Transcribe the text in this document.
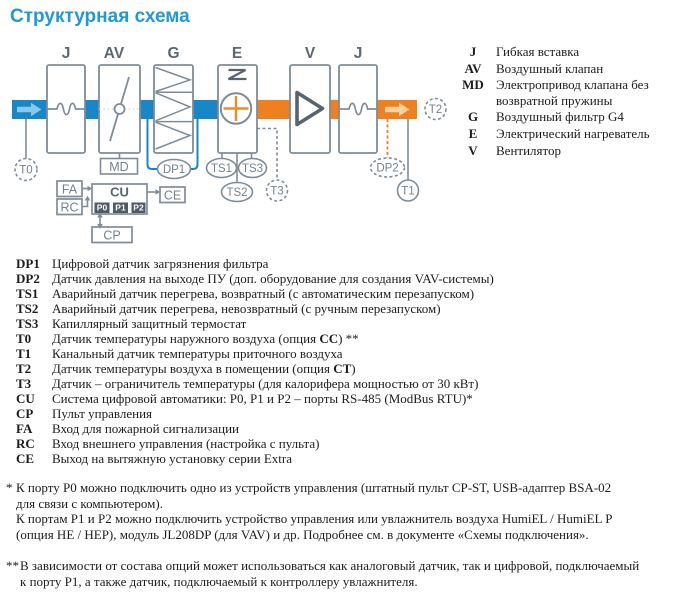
Структурная схема
J AV	G	E	V J
T0	DP1 TS1 TS3
TS2 T3
DP2
T1
T2
MD
FA
RC
CE
CP
CU
P0 P1 P2
J	Гибкая вставка
AV	Воздушный клапан
MD Электропривод клапана без возвратной пружины
G	Воздушный фильтр G4
E	Электрический нагреватель
V	Вентилятор
DP1 Цифровой датчик загрязнения фильтра
DP2 Датчик давления на выходе ПУ (доп. оборудование для создания VAV-системы)
TS1	Аварийный датчик перегрева, возвратный (с автоматическим перезапуском)
TS2	Аварийный датчик перегрева, невозвратный (с ручным перезапуском)
TS3	Капиллярный защитный термостат
T0	Датчик температуры наружного воздуха (опция CC) **
T1	Канальный датчик температуры приточного воздуха
T2	Датчик температуры воздуха в помещении (опция CT)
T3	Датчик – ограничитель температуры (для калорифера мощностью от 30 кВт)
CU	Система цифровой автоматики: P0, P1 и P2 – порты RS-485 (ModBus RTU)*
CP	Пульт управления
FA	Вход для пожарной сигнализации
RC	Вход внешнего управления (настройка с пульта)
CE	Выход на вытяжную установку серии Extra
* К порту P0 можно подключить одно из устройств управления (штатный пульт CP-ST, USB-адаптер BSA-02
для связи с компьютером).
К портам P1 и P2 можно подключить устройство управления или увлажнитель воздуха HumiEL / HumiEL P
(опция HE / HEP), модуль JL208DP (для VAV) и др. Подробнее см. в документе «Схемы подключения».
** В зависимости от состава опций может использоваться как аналоговый датчик, так и цифровой, подключаемый
к порту P1, а также датчик, подключаемый к контроллеру увлажнителя.
